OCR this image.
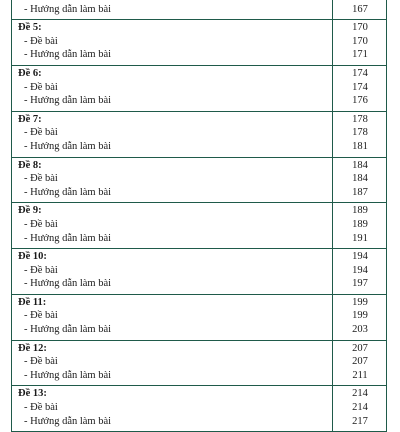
- Hướng dẫn làm bài	167
Đề 5:	170
- Đề bài	170
- Hướng dẫn làm bài	171
Đề 6:	174
- Đề bài	174
- Hướng dẫn làm bài	176
Đề 7:	178
- Đề bài	178
- Hướng dẫn làm bài	181
Đề 8:	184
- Đề bài	184
- Hướng dẫn làm bài	187
Đề 9:	189
- Đề bài	189
- Hướng dẫn làm bài	191
Đề 10:	194
- Đề bài	194
- Hướng dẫn làm bài	197
Đề 11:	199
- Đề bài	199
- Hướng dẫn làm bài	203
Đề 12:	207
- Đề bài	207
- Hướng dẫn làm bài	211
Đề 13:	214
- Đề bài	214
- Hướng dẫn làm bài	217
